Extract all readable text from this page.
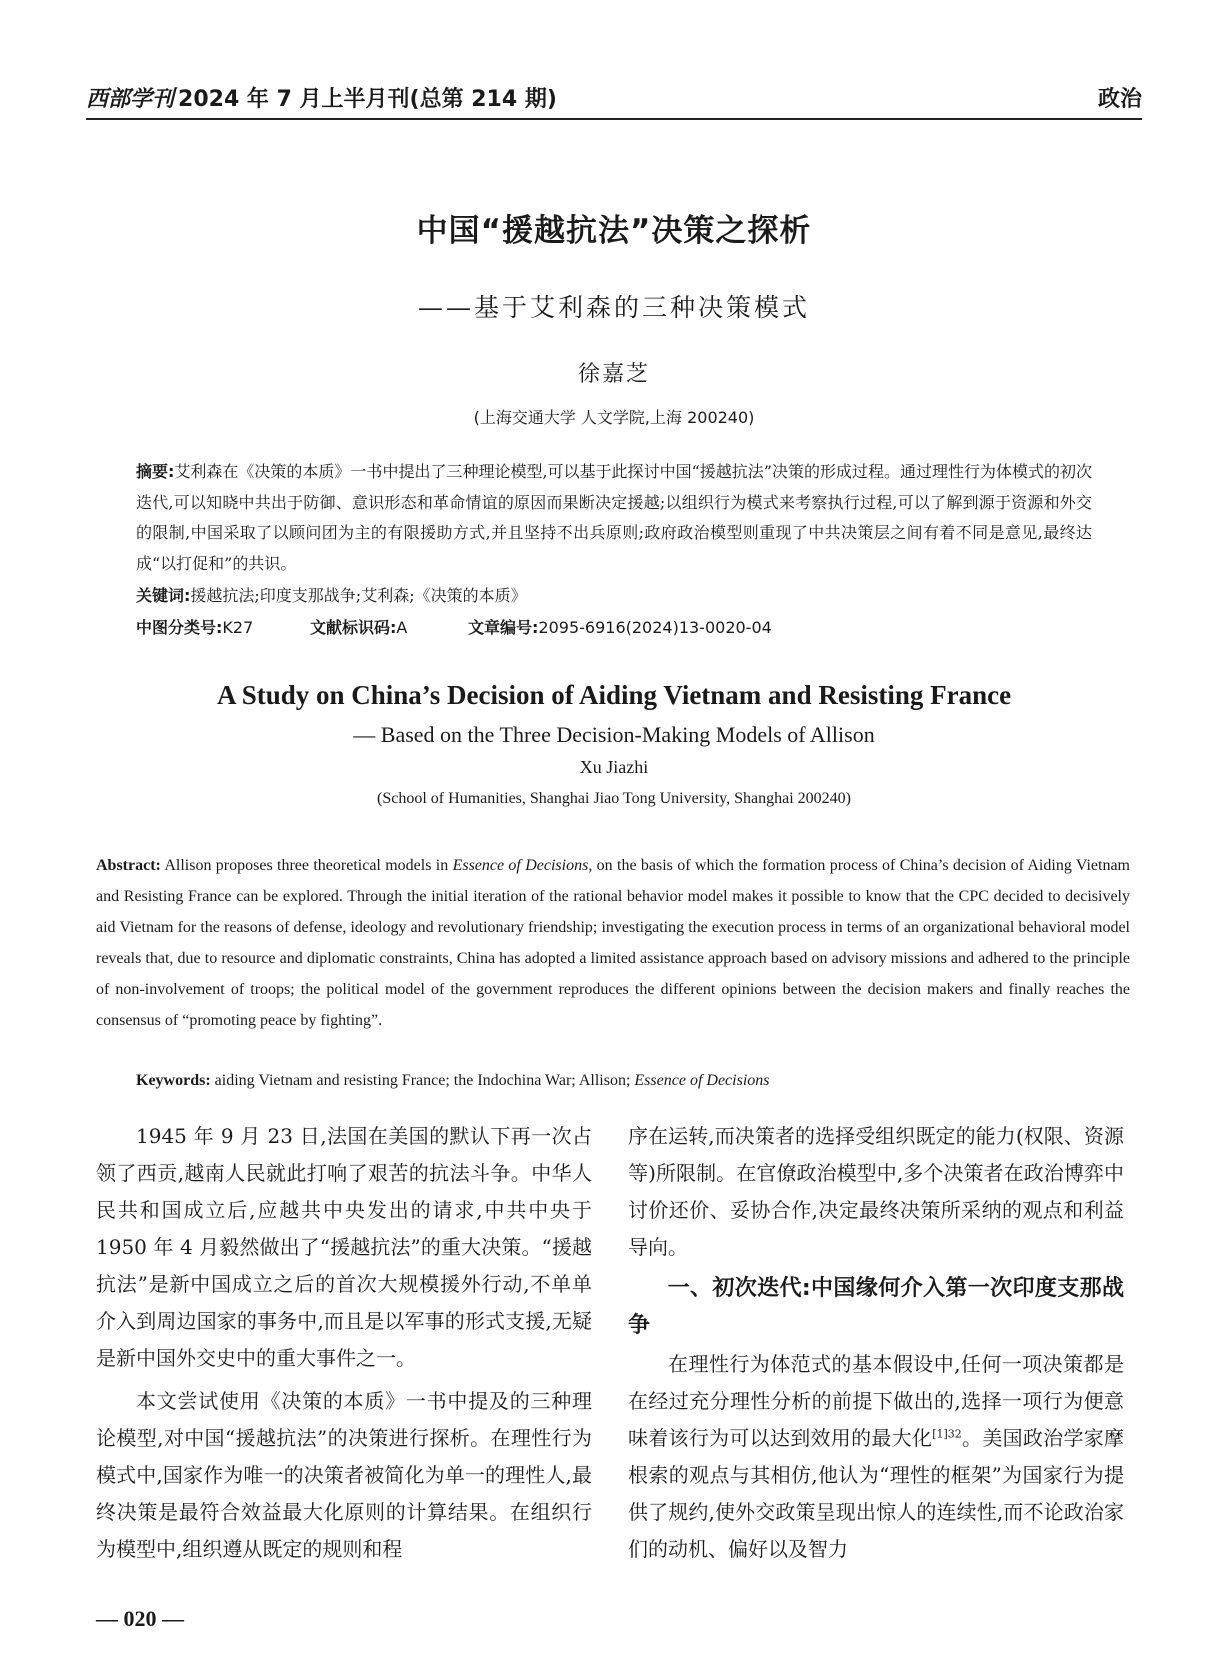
西部学刊 2024 年 7 月上半月刊(总第 214 期)	政治
中国“援越抗法”决策之探析
——基于艾利森的三种决策模式
徐嘉芝
(上海交通大学 人文学院,上海 200240)
摘要:艾利森在《决策的本质》一书中提出了三种理论模型,可以基于此探讨中国“援越抗法”决策的形成过程。通过理性行为体模式的初次迭代,可以知晓中共出于防御、意识形态和革命情谊的原因而果断决定援越;以组织行为模式来考察执行过程,可以了解到源于资源和外交的限制,中国采取了以顾问团为主的有限援助方式,并且坚持不出兵原则;政府政治模型则重现了中共决策层之间有着不同是意见,最终达成“以打促和”的共识。
关键词:援越抗法;印度支那战争;艾利森;《决策的本质》
中图分类号:K27	文献标识码:A	文章编号:2095-6916(2024)13-0020-04
A Study on China’s Decision of Aiding Vietnam and Resisting France
— Based on the Three Decision-Making Models of Allison
Xu Jiazhi
(School of Humanities, Shanghai Jiao Tong University, Shanghai 200240)
Abstract: Allison proposes three theoretical models in Essence of Decisions, on the basis of which the formation process of China’s decision of Aiding Vietnam and Resisting France can be explored. Through the initial iteration of the rational behavior model makes it possible to know that the CPC decided to decisively aid Vietnam for the reasons of defense, ideology and revolutionary friendship; investigating the execution process in terms of an organizational behavioral model reveals that, due to resource and diplomatic constraints, China has adopted a limited assistance approach based on advisory missions and adhered to the principle of non-involvement of troops; the political model of the government reproduces the different opinions between the decision makers and finally reaches the consensus of “promoting peace by fighting”.
Keywords: aiding Vietnam and resisting France; the Indochina War; Allison; Essence of Decisions

1945 年 9 月 23 日,法国在美国的默认下再一次占领了西贡,越南人民就此打响了艰苦的抗法斗争。中华人民共和国成立后,应越共中央发出的请求,中共中央于 1950 年 4 月毅然做出了“援越抗法”的重大决策。“援越抗法”是新中国成立之后的首次大规模援外行动,不单单介入到周边国家的事务中,而且是以军事的形式支援,无疑是新中国外交史中的重大事件之一。

本文尝试使用《决策的本质》一书中提及的三种理论模型,对中国“援越抗法”的决策进行探析。在理性行为模式中,国家作为唯一的决策者被简化为单一的理性人,最终决策是最符合效益最大化原则的计算结果。在组织行为模型中,组织遵从既定的规则和程

序在运转,而决策者的选择受组织既定的能力(权限、资源等)所限制。在官僚政治模型中,多个决策者在政治博弈中讨价还价、妥协合作,决定最终决策所采纳的观点和利益导向。

一、初次迭代:中国缘何介入第一次印度支那战争

在理性行为体范式的基本假设中,任何一项决策都是在经过充分理性分析的前提下做出的,选择一项行为便意味着该行为可以达到效用的最大化$^{[1]32}$。美国政治学家摩根索的观点与其相仿,他认为“理性的框架”为国家行为提供了规约,使外交政策呈现出惊人的连续性,而不论政治家们的动机、偏好以及智力

— 020 —
